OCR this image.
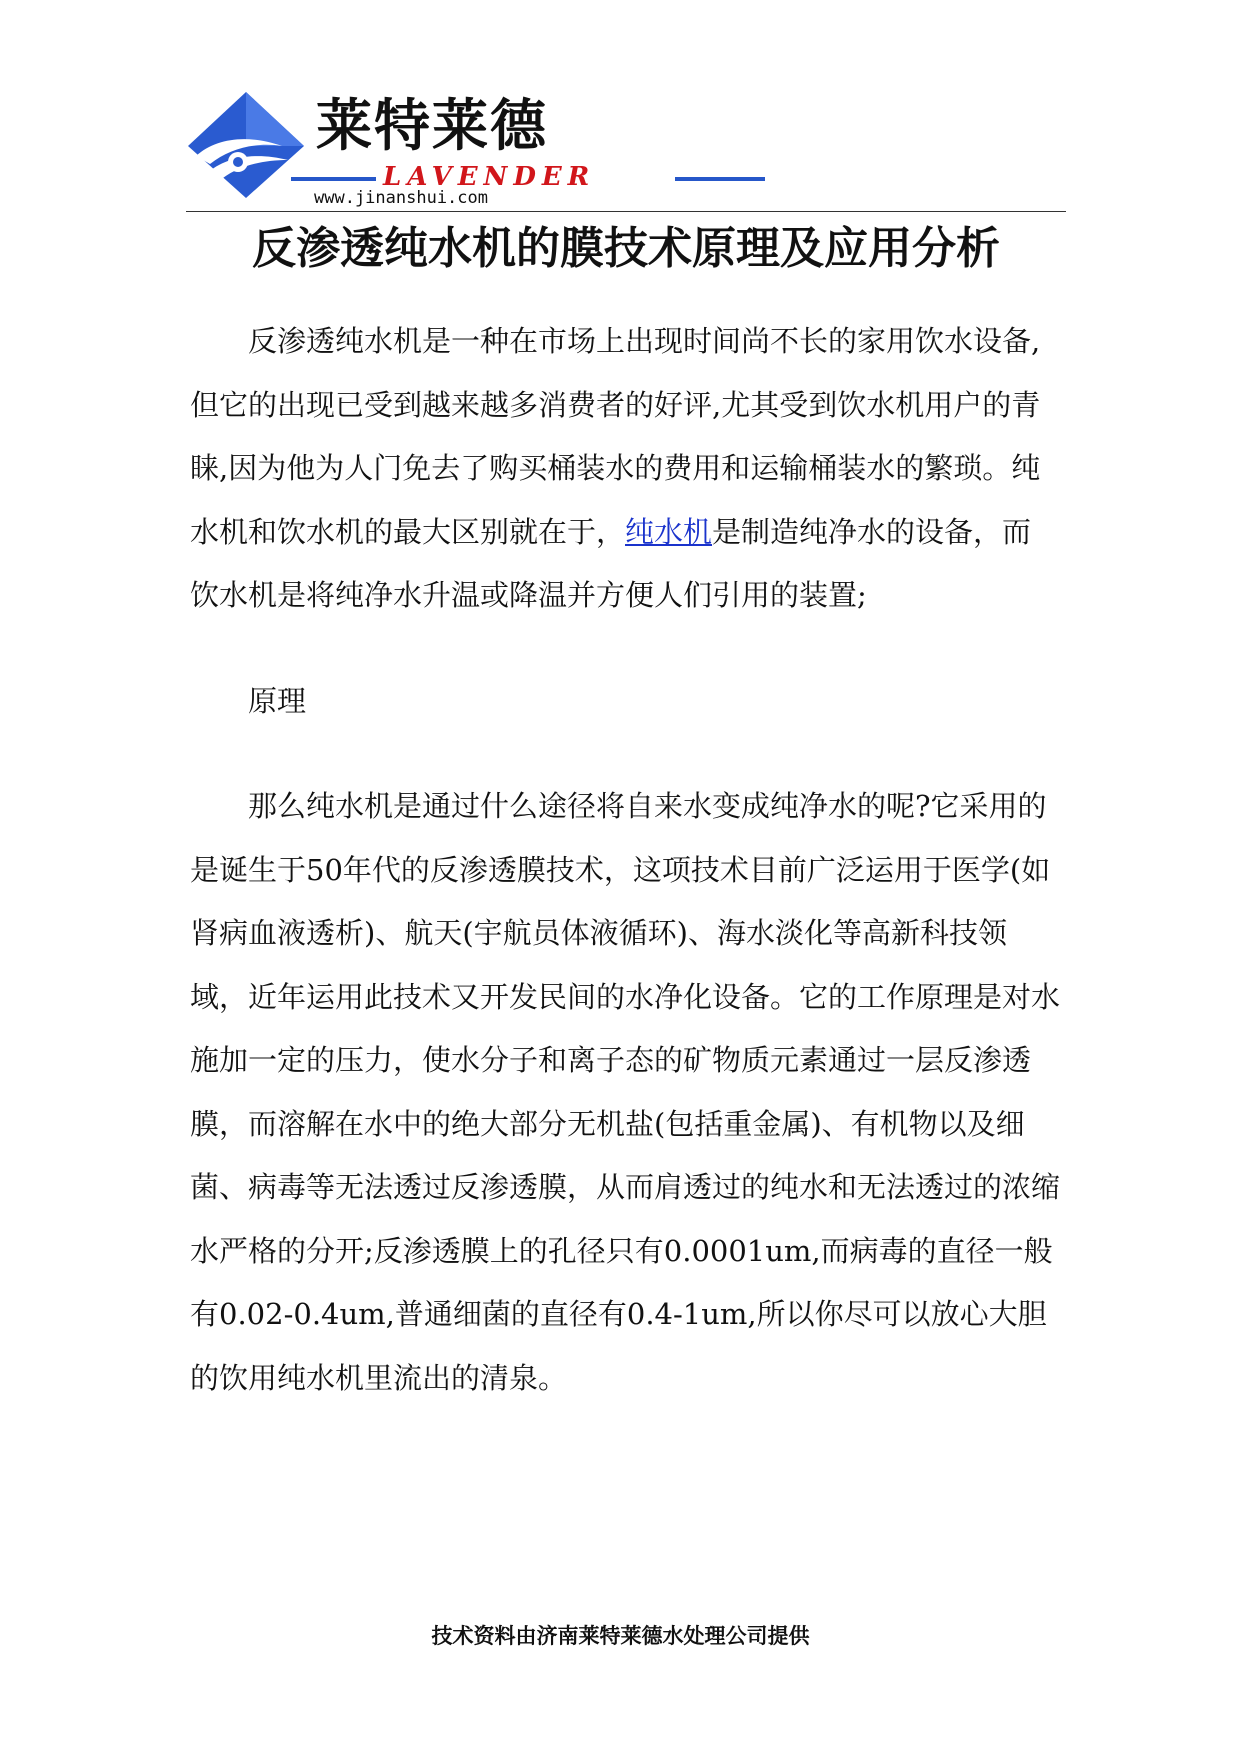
莱特莱德
LAVENDER
www.jinanshui.com
反渗透纯水机的膜技术原理及应用分析

反渗透纯水机是一种在市场上出现时间尚不长的家用饮水设备,但它的出现已受到越来越多消费者的好评,尤其受到饮水机用户的青睐,因为他为人门免去了购买桶装水的费用和运输桶装水的繁琐。纯水机和饮水机的最大区别就在于，纯水机是制造纯净水的设备，而饮水机是将纯净水升温或降温并方便人们引用的装置;

原理

那么纯水机是通过什么途径将自来水变成纯净水的呢?它采用的是诞生于50年代的反渗透膜技术，这项技术目前广泛运用于医学(如肾病血液透析)、航天(宇航员体液循环)、海水淡化等高新科技领域，近年运用此技术又开发民间的水净化设备。它的工作原理是对水施加一定的压力，使水分子和离子态的矿物质元素通过一层反渗透膜，而溶解在水中的绝大部分无机盐(包括重金属)、有机物以及细菌、病毒等无法透过反渗透膜，从而肩透过的纯水和无法透过的浓缩水严格的分开;反渗透膜上的孔径只有0.0001um,而病毒的直径一般有0.02-0.4um,普通细菌的直径有0.4-1um,所以你尽可以放心大胆的饮用纯水机里流出的清泉。

技术资料由济南莱特莱德水处理公司提供
